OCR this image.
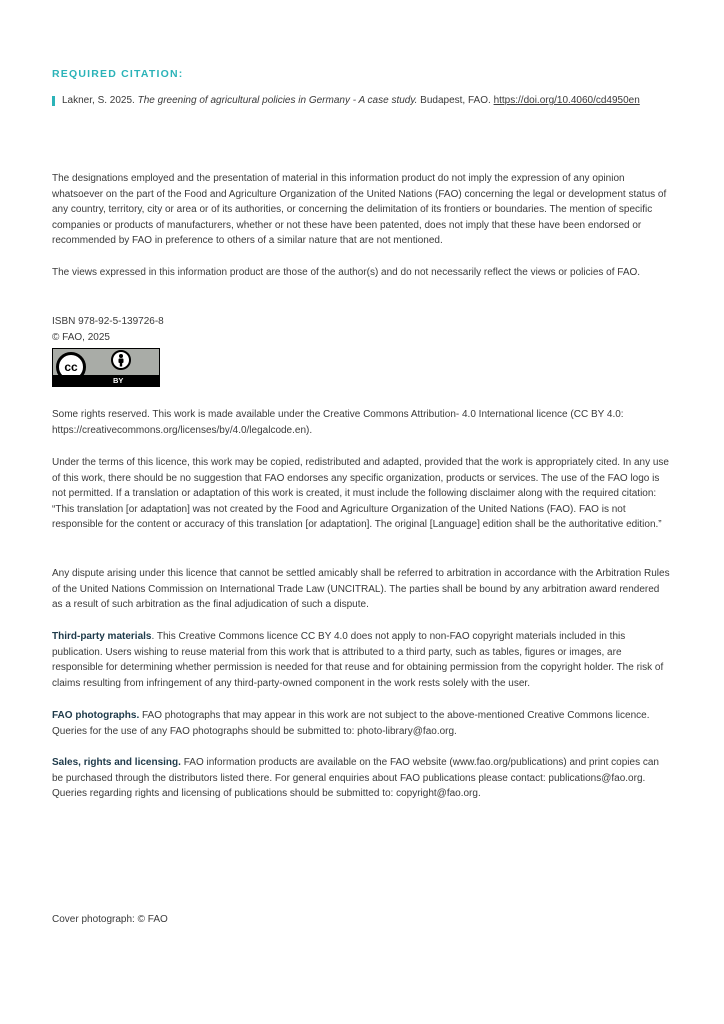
REQUIRED CITATION:
Lakner, S. 2025. The greening of agricultural policies in Germany - A case study. Budapest, FAO. https://doi.org/10.4060/cd4950en
The designations employed and the presentation of material in this information product do not imply the expression of any opinion whatsoever on the part of the Food and Agriculture Organization of the United Nations (FAO) concerning the legal or development status of any country, territory, city or area or of its authorities, or concerning the delimitation of its frontiers or boundaries. The mention of specific companies or products of manufacturers, whether or not these have been patented, does not imply that these have been endorsed or recommended by FAO in preference to others of a similar nature that are not mentioned.
The views expressed in this information product are those of the author(s) and do not necessarily reflect the views or policies of FAO.
ISBN 978-92-5-139726-8
© FAO, 2025
cc
BY
Some rights reserved. This work is made available under the Creative Commons Attribution- 4.0 International licence (CC BY 4.0: https://creativecommons.org/licenses/by/4.0/legalcode.en).
Under the terms of this licence, this work may be copied, redistributed and adapted, provided that the work is appropriately cited. In any use of this work, there should be no suggestion that FAO endorses any specific organization, products or services. The use of the FAO logo is not permitted. If a translation or adaptation of this work is created, it must include the following disclaimer along with the required citation: “This translation [or adaptation] was not created by the Food and Agriculture Organization of the United Nations (FAO). FAO is not responsible for the content or accuracy of this translation [or adaptation]. The original [Language] edition shall be the authoritative edition.”
Any dispute arising under this licence that cannot be settled amicably shall be referred to arbitration in accordance with the Arbitration Rules of the United Nations Commission on International Trade Law (UNCITRAL). The parties shall be bound by any arbitration award rendered as a result of such arbitration as the final adjudication of such a dispute.
Third-party materials. This Creative Commons licence CC BY 4.0 does not apply to non-FAO copyright materials included in this publication. Users wishing to reuse material from this work that is attributed to a third party, such as tables, figures or images, are responsible for determining whether permission is needed for that reuse and for obtaining permission from the copyright holder. The risk of claims resulting from infringement of any third-party-owned component in the work rests solely with the user.
FAO photographs. FAO photographs that may appear in this work are not subject to the above-mentioned Creative Commons licence. Queries for the use of any FAO photographs should be submitted to: photo-library@fao.org.
Sales, rights and licensing. FAO information products are available on the FAO website (www.fao.org/publications) and print copies can be purchased through the distributors listed there. For general enquiries about FAO publications please contact: publications@fao.org. Queries regarding rights and licensing of publications should be submitted to: copyright@fao.org.
Cover photograph: © FAO
